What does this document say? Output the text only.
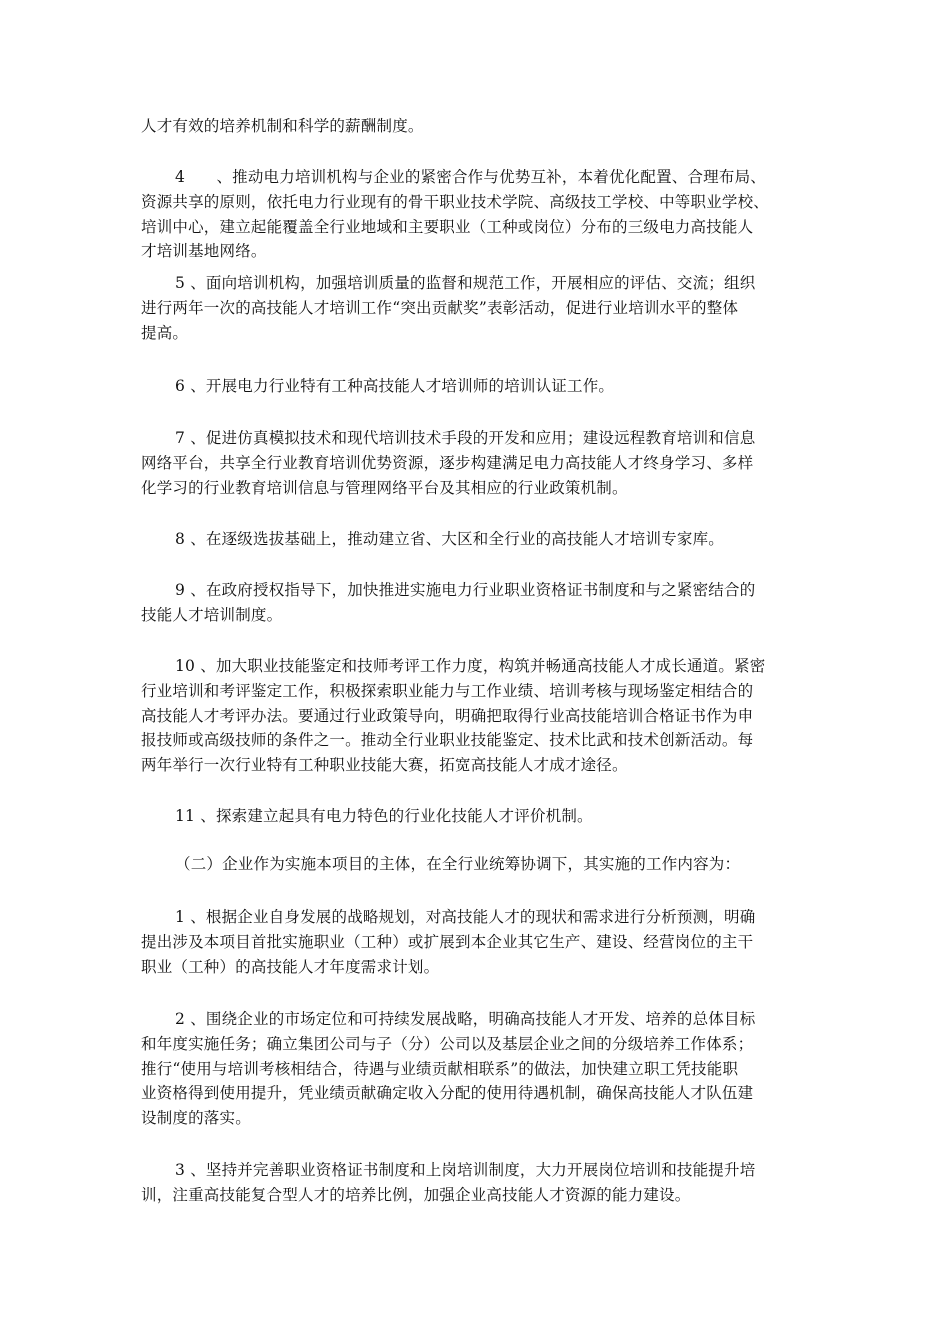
人才有效的培养机制和科学的薪酬制度。
4　　、推动电力培训机构与企业的紧密合作与优势互补，本着优化配置、合理布局、
资源共享的原则，依托电力行业现有的骨干职业技术学院、高级技工学校、中等职业学校、
培训中心，建立起能覆盖全行业地域和主要职业（工种或岗位）分布的三级电力高技能人
才培训基地网络。
5 、面向培训机构，加强培训质量的监督和规范工作，开展相应的评估、交流；组织
进行两年一次的高技能人才培训工作“突出贡献奖”表彰活动，促进行业培训水平的整体
提高。
6 、开展电力行业特有工种高技能人才培训师的培训认证工作。
7 、促进仿真模拟技术和现代培训技术手段的开发和应用；建设远程教育培训和信息
网络平台，共享全行业教育培训优势资源，逐步构建满足电力高技能人才终身学习、多样
化学习的行业教育培训信息与管理网络平台及其相应的行业政策机制。
8 、在逐级选拔基础上，推动建立省、大区和全行业的高技能人才培训专家库。
9 、在政府授权指导下，加快推进实施电力行业职业资格证书制度和与之紧密结合的
技能人才培训制度。
10 、加大职业技能鉴定和技师考评工作力度，构筑并畅通高技能人才成长通道。紧密
行业培训和考评鉴定工作，积极探索职业能力与工作业绩、培训考核与现场鉴定相结合的
高技能人才考评办法。要通过行业政策导向，明确把取得行业高技能培训合格证书作为申
报技师或高级技师的条件之一。推动全行业职业技能鉴定、技术比武和技术创新活动。每
两年举行一次行业特有工种职业技能大赛，拓宽高技能人才成才途径。
11 、探索建立起具有电力特色的行业化技能人才评价机制。
（二）企业作为实施本项目的主体，在全行业统筹协调下，其实施的工作内容为：
1 、根据企业自身发展的战略规划，对高技能人才的现状和需求进行分析预测，明确
提出涉及本项目首批实施职业（工种）或扩展到本企业其它生产、建设、经营岗位的主干
职业（工种）的高技能人才年度需求计划。
2 、围绕企业的市场定位和可持续发展战略，明确高技能人才开发、培养的总体目标
和年度实施任务；确立集团公司与子（分）公司以及基层企业之间的分级培养工作体系；
推行“使用与培训考核相结合，待遇与业绩贡献相联系”的做法，加快建立职工凭技能职
业资格得到使用提升，凭业绩贡献确定收入分配的使用待遇机制，确保高技能人才队伍建
设制度的落实。
3 、坚持并完善职业资格证书制度和上岗培训制度，大力开展岗位培训和技能提升培
训，注重高技能复合型人才的培养比例，加强企业高技能人才资源的能力建设。
